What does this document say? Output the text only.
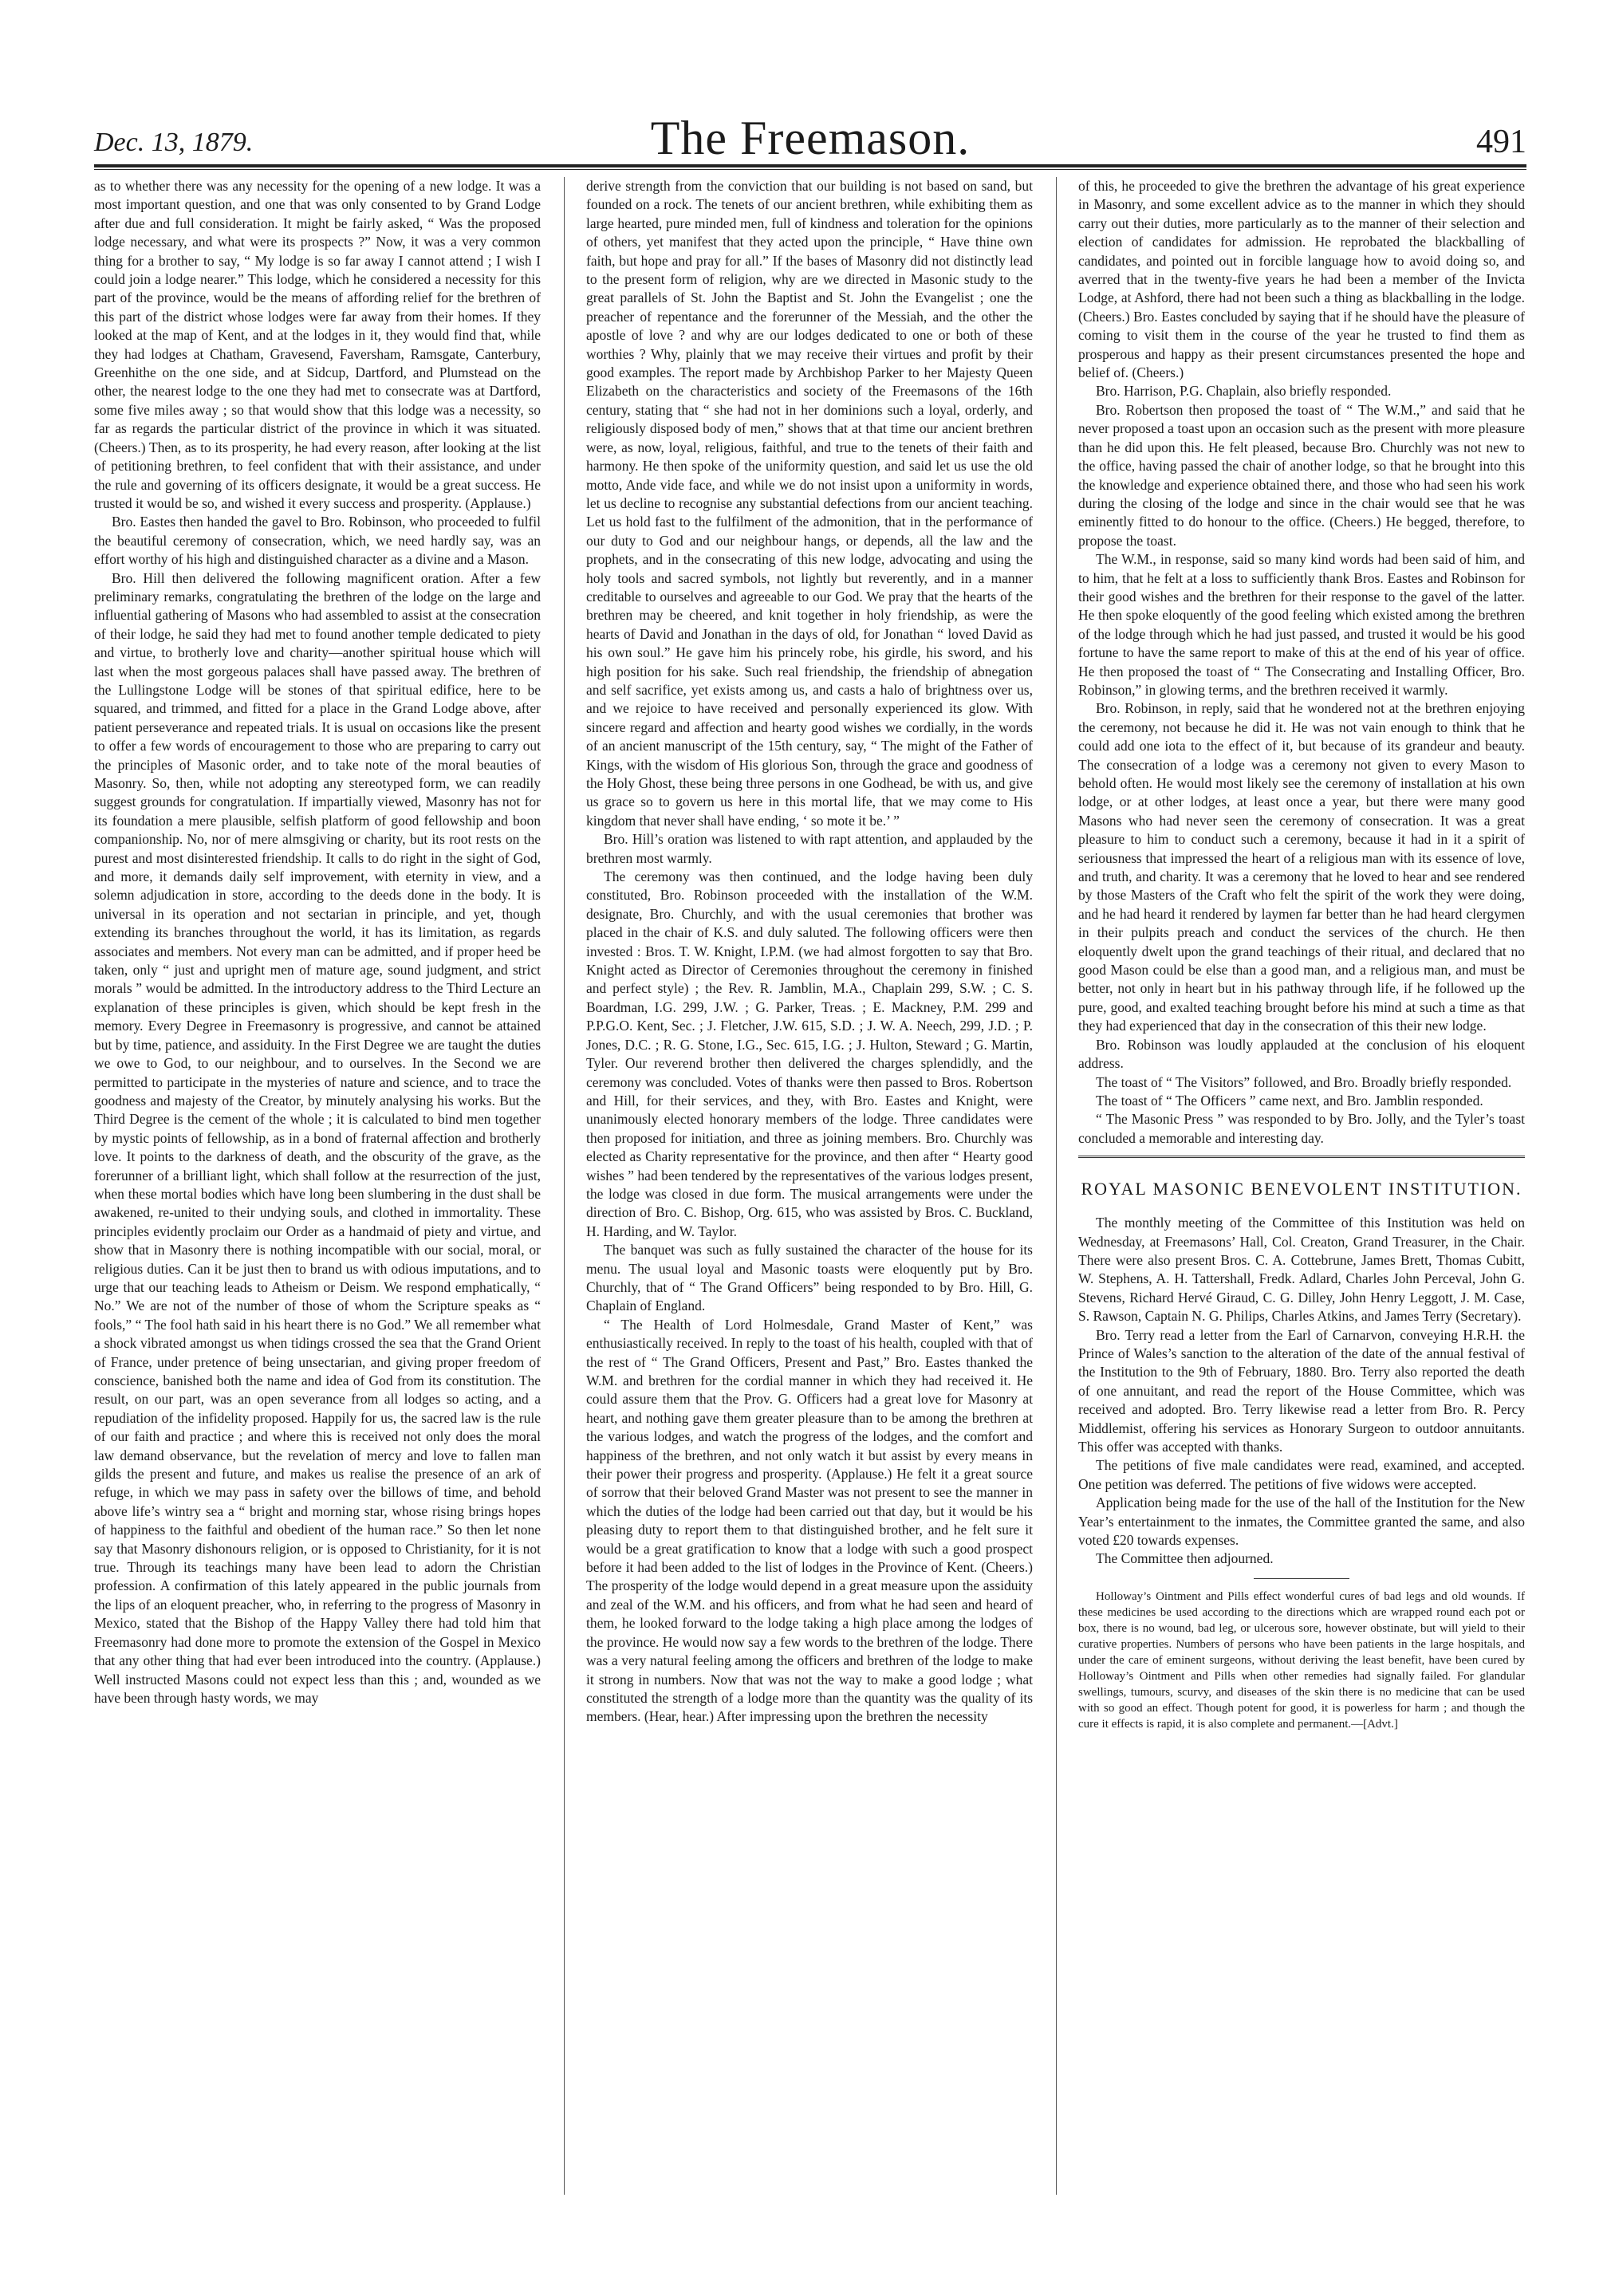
Dec. 13, 1879.	The Freemason.	491

as to whether there was any necessity for the opening of a new lodge. It was a most important question, and one that was only consented to by Grand Lodge after due and full consideration. It might be fairly asked, “ Was the proposed lodge necessary, and what were its prospects ?” Now, it was a very common thing for a brother to say, “ My lodge is so far away I cannot attend ; I wish I could join a lodge nearer.” This lodge, which he considered a necessity for this part of the province, would be the means of affording relief for the brethren of this part of the district whose lodges were far away from their homes. If they looked at the map of Kent, and at the lodges in it, they would find that, while they had lodges at Chatham, Gravesend, Faversham, Ramsgate, Canterbury, Greenhithe on the one side, and at Sidcup, Dartford, and Plumstead on the other, the nearest lodge to the one they had met to consecrate was at Dartford, some five miles away ; so that would show that this lodge was a necessity, so far as regards the particular district of the province in which it was situated. (Cheers.) Then, as to its prosperity, he had every reason, after looking at the list of petitioning brethren, to feel confident that with their assistance, and under the rule and governing of its officers designate, it would be a great success. He trusted it would be so, and wished it every success and prosperity. (Applause.)

Bro. Eastes then handed the gavel to Bro. Robinson, who proceeded to fulfil the beautiful ceremony of consecration, which, we need hardly say, was an effort worthy of his high and distinguished character as a divine and a Mason.

Bro. Hill then delivered the following magnificent oration. After a few preliminary remarks, congratulating the brethren of the lodge on the large and influential gathering of Masons who had assembled to assist at the consecration of their lodge, he said they had met to found another temple dedicated to piety and virtue, to brotherly love and charity—another spiritual house which will last when the most gorgeous palaces shall have passed away. The brethren of the Lullingstone Lodge will be stones of that spiritual edifice, here to be squared, and trimmed, and fitted for a place in the Grand Lodge above, after patient perseverance and repeated trials. It is usual on occasions like the present to offer a few words of encouragement to those who are preparing to carry out the principles of Masonic order, and to take note of the moral beauties of Masonry. So, then, while not adopting any stereotyped form, we can readily suggest grounds for congratulation. If impartially viewed, Masonry has not for its foundation a mere plausible, selfish platform of good fellowship and boon companionship. No, nor of mere almsgiving or charity, but its root rests on the purest and most disinterested friendship. It calls to do right in the sight of God, and more, it demands daily self improvement, with eternity in view, and a solemn adjudication in store, according to the deeds done in the body. It is universal in its operation and not sectarian in principle, and yet, though extending its branches throughout the world, it has its limitation, as regards associates and members. Not every man can be admitted, and if proper heed be taken, only “ just and upright men of mature age, sound judgment, and strict morals ” would be admitted. In the introductory address to the Third Lecture an explanation of these principles is given, which should be kept fresh in the memory. Every Degree in Freemasonry is progressive, and cannot be attained but by time, patience, and assiduity. In the First Degree we are taught the duties we owe to God, to our neighbour, and to ourselves. In the Second we are permitted to participate in the mysteries of nature and science, and to trace the goodness and majesty of the Creator, by minutely analysing his works. But the Third Degree is the cement of the whole ; it is calculated to bind men together by mystic points of fellowship, as in a bond of fraternal affection and brotherly love. It points to the darkness of death, and the obscurity of the grave, as the forerunner of a brilliant light, which shall follow at the resurrection of the just, when these mortal bodies which have long been slumbering in the dust shall be awakened, re-united to their undying souls, and clothed in immortality. These principles evidently proclaim our Order as a handmaid of piety and virtue, and show that in Masonry there is nothing incompatible with our social, moral, or religious duties. Can it be just then to brand us with odious imputations, and to urge that our teaching leads to Atheism or Deism. We respond emphatically, “ No.” We are not of the number of those of whom the Scripture speaks as “ fools,” “ The fool hath said in his heart there is no God.” We all remember what a shock vibrated amongst us when tidings crossed the sea that the Grand Orient of France, under pretence of being unsectarian, and giving proper freedom of conscience, banished both the name and idea of God from its constitution. The result, on our part, was an open severance from all lodges so acting, and a repudiation of the infidelity proposed. Happily for us, the sacred law is the rule of our faith and practice ; and where this is received not only does the moral law demand observance, but the revelation of mercy and love to fallen man gilds the present and future, and makes us realise the presence of an ark of refuge, in which we may pass in safety over the billows of time, and behold above life’s wintry sea a “ bright and morning star, whose rising brings hopes of happiness to the faithful and obedient of the human race.” So then let none say that Masonry dishonours religion, or is opposed to Christianity, for it is not true. Through its teachings many have been lead to adorn the Christian profession. A confirmation of this lately appeared in the public journals from the lips of an eloquent preacher, who, in referring to the progress of Masonry in Mexico, stated that the Bishop of the Happy Valley there had told him that Freemasonry had done more to promote the extension of the Gospel in Mexico that any other thing that had ever been introduced into the country. (Applause.) Well instructed Masons could not expect less than this ; and, wounded as we have been through hasty words, we may

derive strength from the conviction that our building is not based on sand, but founded on a rock. The tenets of our ancient brethren, while exhibiting them as large hearted, pure minded men, full of kindness and toleration for the opinions of others, yet manifest that they acted upon the principle, “ Have thine own faith, but hope and pray for all.” If the bases of Masonry did not distinctly lead to the present form of religion, why are we directed in Masonic study to the great parallels of St. John the Baptist and St. John the Evangelist ; one the preacher of repentance and the forerunner of the Messiah, and the other the apostle of love ? and why are our lodges dedicated to one or both of these worthies ? Why, plainly that we may receive their virtues and profit by their good examples. The report made by Archbishop Parker to her Majesty Queen Elizabeth on the characteristics and society of the Freemasons of the 16th century, stating that “ she had not in her dominions such a loyal, orderly, and religiously disposed body of men,” shows that at that time our ancient brethren were, as now, loyal, religious, faithful, and true to the tenets of their faith and harmony. He then spoke of the uniformity question, and said let us use the old motto, Ande vide face, and while we do not insist upon a uniformity in words, let us decline to recognise any substantial defections from our ancient teaching. Let us hold fast to the fulfilment of the admonition, that in the performance of our duty to God and our neighbour hangs, or depends, all the law and the prophets, and in the consecrating of this new lodge, advocating and using the holy tools and sacred symbols, not lightly but reverently, and in a manner creditable to ourselves and agreeable to our God. We pray that the hearts of the brethren may be cheered, and knit together in holy friendship, as were the hearts of David and Jonathan in the days of old, for Jonathan “ loved David as his own soul.” He gave him his princely robe, his girdle, his sword, and his high position for his sake. Such real friendship, the friendship of abnegation and self sacrifice, yet exists among us, and casts a halo of brightness over us, and we rejoice to have received and personally experienced its glow. With sincere regard and affection and hearty good wishes we cordially, in the words of an ancient manuscript of the 15th century, say, “ The might of the Father of Kings, with the wisdom of His glorious Son, through the grace and goodness of the Holy Ghost, these being three persons in one Godhead, be with us, and give us grace so to govern us here in this mortal life, that we may come to His kingdom that never shall have ending, ‘ so mote it be.’ ”

Bro. Hill’s oration was listened to with rapt attention, and applauded by the brethren most warmly.

The ceremony was then continued, and the lodge having been duly constituted, Bro. Robinson proceeded with the installation of the W.M. designate, Bro. Churchly, and with the usual ceremonies that brother was placed in the chair of K.S. and duly saluted. The following officers were then invested : Bros. T. W. Knight, I.P.M. (we had almost forgotten to say that Bro. Knight acted as Director of Ceremonies throughout the ceremony in finished and perfect style) ; the Rev. R. Jamblin, M.A., Chaplain 299, S.W. ; C. S. Boardman, I.G. 299, J.W. ; G. Parker, Treas. ; E. Mackney, P.M. 299 and P.P.G.O. Kent, Sec. ; J. Fletcher, J.W. 615, S.D. ; J. W. A. Neech, 299, J.D. ; P. Jones, D.C. ; R. G. Stone, I.G., Sec. 615, I.G. ; J. Hulton, Steward ; G. Martin, Tyler. Our reverend brother then delivered the charges splendidly, and the ceremony was concluded. Votes of thanks were then passed to Bros. Robertson and Hill, for their services, and they, with Bro. Eastes and Knight, were unanimously elected honorary members of the lodge. Three candidates were then proposed for initiation, and three as joining members. Bro. Churchly was elected as Charity representative for the province, and then after “ Hearty good wishes ” had been tendered by the representatives of the various lodges present, the lodge was closed in due form. The musical arrangements were under the direction of Bro. C. Bishop, Org. 615, who was assisted by Bros. C. Buckland, H. Harding, and W. Taylor.

The banquet was such as fully sustained the character of the house for its menu. The usual loyal and Masonic toasts were eloquently put by Bro. Churchly, that of “ The Grand Officers” being responded to by Bro. Hill, G. Chaplain of England.

“ The Health of Lord Holmesdale, Grand Master of Kent,” was enthusiastically received. In reply to the toast of his health, coupled with that of the rest of “ The Grand Officers, Present and Past,” Bro. Eastes thanked the W.M. and brethren for the cordial manner in which they had received it. He could assure them that the Prov. G. Officers had a great love for Masonry at heart, and nothing gave them greater pleasure than to be among the brethren at the various lodges, and watch the progress of the lodges, and the comfort and happiness of the brethren, and not only watch it but assist by every means in their power their progress and prosperity. (Applause.) He felt it a great source of sorrow that their beloved Grand Master was not present to see the manner in which the duties of the lodge had been carried out that day, but it would be his pleasing duty to report them to that distinguished brother, and he felt sure it would be a great gratification to know that a lodge with such a good prospect before it had been added to the list of lodges in the Province of Kent. (Cheers.) The prosperity of the lodge would depend in a great measure upon the assiduity and zeal of the W.M. and his officers, and from what he had seen and heard of them, he looked forward to the lodge taking a high place among the lodges of the province. He would now say a few words to the brethren of the lodge. There was a very natural feeling among the officers and brethren of the lodge to make it strong in numbers. Now that was not the way to make a good lodge ; what constituted the strength of a lodge more than the quantity was the quality of its members. (Hear, hear.) After impressing upon the brethren the necessity

of this, he proceeded to give the brethren the advantage of his great experience in Masonry, and some excellent advice as to the manner in which they should carry out their duties, more particularly as to the manner of their selection and election of candidates for admission. He reprobated the blackballing of candidates, and pointed out in forcible language how to avoid doing so, and averred that in the twenty-five years he had been a member of the Invicta Lodge, at Ashford, there had not been such a thing as blackballing in the lodge. (Cheers.) Bro. Eastes concluded by saying that if he should have the pleasure of coming to visit them in the course of the year he trusted to find them as prosperous and happy as their present circumstances presented the hope and belief of. (Cheers.)

Bro. Harrison, P.G. Chaplain, also briefly responded.

Bro. Robertson then proposed the toast of “ The W.M.,” and said that he never proposed a toast upon an occasion such as the present with more pleasure than he did upon this. He felt pleased, because Bro. Churchly was not new to the office, having passed the chair of another lodge, so that he brought into this the knowledge and experience obtained there, and those who had seen his work during the closing of the lodge and since in the chair would see that he was eminently fitted to do honour to the office. (Cheers.) He begged, therefore, to propose the toast.

The W.M., in response, said so many kind words had been said of him, and to him, that he felt at a loss to sufficiently thank Bros. Eastes and Robinson for their good wishes and the brethren for their response to the gavel of the latter. He then spoke eloquently of the good feeling which existed among the brethren of the lodge through which he had just passed, and trusted it would be his good fortune to have the same report to make of this at the end of his year of office. He then proposed the toast of “ The Consecrating and Installing Officer, Bro. Robinson,” in glowing terms, and the brethren received it warmly.

Bro. Robinson, in reply, said that he wondered not at the brethren enjoying the ceremony, not because he did it. He was not vain enough to think that he could add one iota to the effect of it, but because of its grandeur and beauty. The consecration of a lodge was a ceremony not given to every Mason to behold often. He would most likely see the ceremony of installation at his own lodge, or at other lodges, at least once a year, but there were many good Masons who had never seen the ceremony of consecration. It was a great pleasure to him to conduct such a ceremony, because it had in it a spirit of seriousness that impressed the heart of a religious man with its essence of love, and truth, and charity. It was a ceremony that he loved to hear and see rendered by those Masters of the Craft who felt the spirit of the work they were doing, and he had heard it rendered by laymen far better than he had heard clergymen in their pulpits preach and conduct the services of the church. He then eloquently dwelt upon the grand teachings of their ritual, and declared that no good Mason could be else than a good man, and a religious man, and must be better, not only in heart but in his pathway through life, if he followed up the pure, good, and exalted teaching brought before his mind at such a time as that they had experienced that day in the consecration of this their new lodge.

Bro. Robinson was loudly applauded at the conclusion of his eloquent address.

The toast of “ The Visitors” followed, and Bro. Broadly briefly responded.

The toast of “ The Officers ” came next, and Bro. Jamblin responded.

“ The Masonic Press ” was responded to by Bro. Jolly, and the Tyler’s toast concluded a memorable and interesting day.

ROYAL MASONIC BENEVOLENT INSTITUTION.

The monthly meeting of the Committee of this Institution was held on Wednesday, at Freemasons’ Hall, Col. Creaton, Grand Treasurer, in the Chair. There were also present Bros. C. A. Cottebrune, James Brett, Thomas Cubitt, W. Stephens, A. H. Tattershall, Fredk. Adlard, Charles John Perceval, John G. Stevens, Richard Hervé Giraud, C. G. Dilley, John Henry Leggott, J. M. Case, S. Rawson, Captain N. G. Philips, Charles Atkins, and James Terry (Secretary).

Bro. Terry read a letter from the Earl of Carnarvon, conveying H.R.H. the Prince of Wales’s sanction to the alteration of the date of the annual festival of the Institution to the 9th of February, 1880. Bro. Terry also reported the death of one annuitant, and read the report of the House Committee, which was received and adopted. Bro. Terry likewise read a letter from Bro. R. Percy Middlemist, offering his services as Honorary Surgeon to outdoor annuitants. This offer was accepted with thanks.

The petitions of five male candidates were read, examined, and accepted. One petition was deferred. The petitions of five widows were accepted.

Application being made for the use of the hall of the Institution for the New Year’s entertainment to the inmates, the Committee granted the same, and also voted £20 towards expenses.

The Committee then adjourned.

Holloway’s Ointment and Pills effect wonderful cures of bad legs and old wounds. If these medicines be used according to the directions which are wrapped round each pot or box, there is no wound, bad leg, or ulcerous sore, however obstinate, but will yield to their curative properties. Numbers of persons who have been patients in the large hospitals, and under the care of eminent surgeons, without deriving the least benefit, have been cured by Holloway’s Ointment and Pills when other remedies had signally failed. For glandular swellings, tumours, scurvy, and diseases of the skin there is no medicine that can be used with so good an effect. Though potent for good, it is powerless for harm ; and though the cure it effects is rapid, it is also complete and permanent.—[Advt.]
